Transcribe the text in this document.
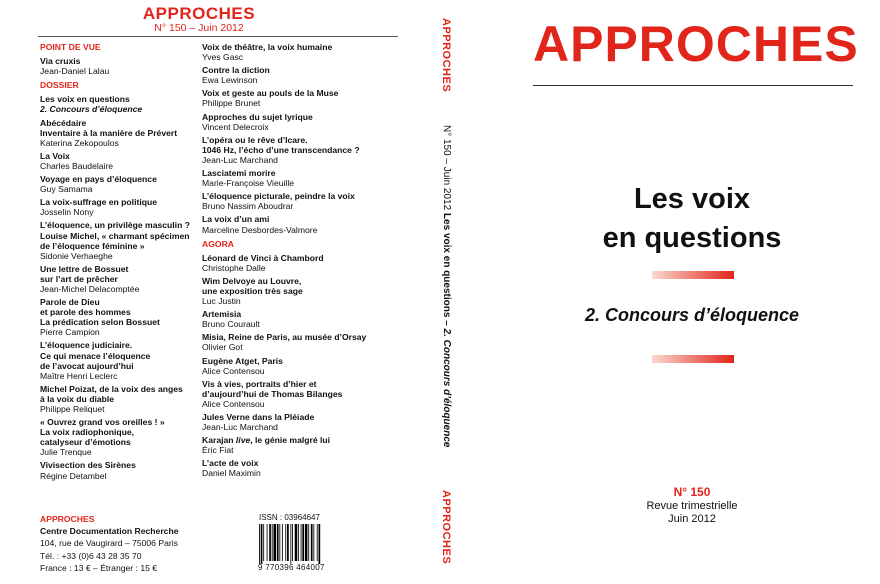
APPROCHES
N° 150 – Juin 2012
POINT DE VUE
Via cruxis
Jean-Daniel Lalau
DOSSIER
Les voix en questions
2. Concours d’éloquence
Abécédaire
Inventaire à la manière de Prévert
Katerina Zekopoulos
La Voix
Charles Baudelaire
Voyage en pays d’éloquence
Guy Samama
La voix-suffrage en politique
Josselin Nony
L’éloquence, un privilège masculin ?
Louise Michel, « charmant spécimen
de l’éloquence féminine »
Sidonie Verhaeghe
Une lettre de Bossuet
sur l’art de prêcher
Jean-Michel Delacomptée
Parole de Dieu
et parole des hommes
La prédication selon Bossuet
Pierre Campion
L’éloquence judiciaire.
Ce qui menace l’éloquence
de l’avocat aujourd’hui
Maître Henri Leclerc
Michel Poizat, de la voix des anges
à la voix du diable
Philippe Reliquet
« Ouvrez grand vos oreilles ! »
La voix radiophonique,
catalyseur d’émotions
Julie Trenque
Vivisection des Sirènes
Régine Detambel
Voix de théâtre, la voix humaine
Yves Gasc
Contre la diction
Ewa Lewinson
Voix et geste au pouls de la Muse
Philippe Brunet
Approches du sujet lyrique
Vincent Delecroix
L’opéra ou le rêve d’Icare.
1046 Hz, l’écho d’une transcendance ?
Jean-Luc Marchand
Lasciatemi morire
Marie-Françoise Vieuille
L’éloquence picturale, peindre la voix
Bruno Nassim Aboudrar
La voix d’un ami
Marceline Desbordes-Valmore
AGORA
Léonard de Vinci à Chambord
Christophe Dalle
Wim Delvoye au Louvre,
une exposition très sage
Luc Justin
Artemisia
Bruno Courault
Misia, Reine de Paris, au musée d’Orsay
Olivier Got
Eugène Atget, Paris
Alice Contensou
Vis à vies, portraits d’hier et
d’aujourd’hui de Thomas Bilanges
Alice Contensou
Jules Verne dans la Pléiade
Jean-Luc Marchand
Karajan live, le génie malgré lui
Éric Fiat
L’acte de voix
Daniel Maximin
APPROCHES
Centre Documentation Recherche
104, rue de Vaugirard – 75006 Paris
Tél. : +33 (0)6 43 28 35 70
France : 13 € – Étranger : 15 €
ISSN : 03964647
9 770396 464007
APPROCHES
N° 150 – Juin 2012 Les voix en questions – 2. Concours d’éloquence
APPROCHES
APPROCHES
Les voix
en questions
2. Concours d’éloquence
N° 150
Revue trimestrielle
Juin 2012
